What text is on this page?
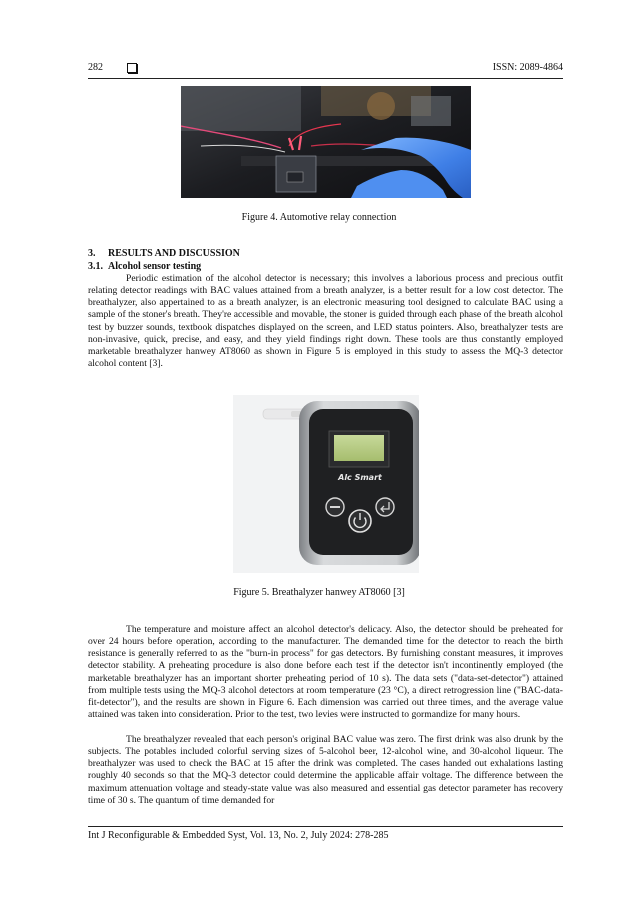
282	ISSN: 2089-4864
Figure 4. Automotive relay connection
3.     RESULTS AND DISCUSSION
3.1.  Alcohol sensor testing

Periodic estimation of the alcohol detector is necessary; this involves a laborious process and precious outfit relating detector readings with BAC values attained from a breath analyzer, is a better result for a low cost detector. The breathalyzer, also appertained to as a breath analyzer, is an electronic measuring tool designed to calculate BAC using a sample of the stoner's breath. They're accessible and movable, the stoner is guided through each phase of the breath alcohol test by buzzer sounds, textbook dispatches displayed on the screen, and LED status pointers. Also, breathalyzer tests are non-invasive, quick, precise, and easy, and they yield findings right down. These tools are thus constantly employed marketable breathalyzer hanwey AT8060 as shown in Figure 5 is employed in this study to assess the MQ-3 detector alcohol content [3].

Alc Smart
Figure 5. Breathalyzer hanwey AT8060 [3]

The temperature and moisture affect an alcohol detector's delicacy. Also, the detector should be preheated for over 24 hours before operation, according to the manufacturer. The demanded time for the detector to reach the birth resistance is generally referred to as the "burn-in process" for gas detectors. By furnishing constant measures, it improves detector stability. A preheating procedure is also done before each test if the detector isn't incontinently employed (the marketable breathalyzer has an important shorter preheating period of 10 s). The data sets ("data-set-detector") attained from multiple tests using the MQ-3 alcohol detectors at room temperature (23 °C), a direct retrogression line ("BAC-data-fit-detector"), and the results are shown in Figure 6. Each dimension was carried out three times, and the average value attained was taken into consideration. Prior to the test, two levies were instructed to gormandize for many hours.

The breathalyzer revealed that each person's original BAC value was zero. The first drink was also drunk by the subjects. The potables included colorful serving sizes of 5-alcohol beer, 12-alcohol wine, and 30-alcohol liqueur. The breathalyzer was used to check the BAC at 15 after the drink was completed. The cases handed out exhalations lasting roughly 40 seconds so that the MQ-3 detector could determine the applicable affair voltage. The difference between the maximum attenuation voltage and steady-state value was also measured and essential gas detector parameter has recovery time of 30 s. The quantum of time demanded for

Int J Reconfigurable & Embedded Syst, Vol. 13, No. 2, July 2024: 278-285
